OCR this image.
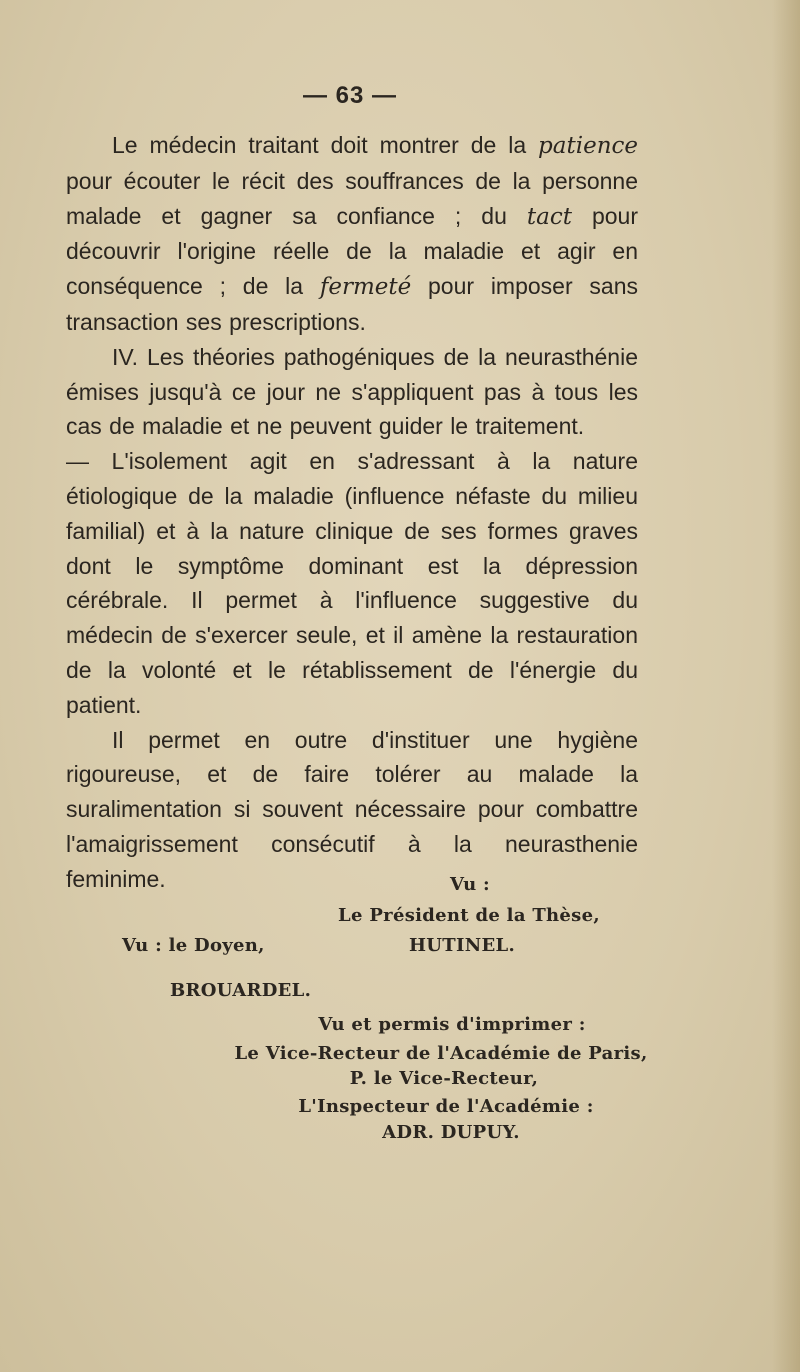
— 63 —

Le médecin traitant doit montrer de la patience pour écouter le récit des souffrances de la personne malade et gagner sa confiance ; du tact pour découvrir l'origine réelle de la maladie et agir en conséquence ; de la fermeté pour imposer sans transaction ses prescriptions.

IV. Les théories pathogéniques de la neurasthénie émises jusqu'à ce jour ne s'appliquent pas à tous les cas de maladie et ne peuvent guider le traitement.

— L'isolement agit en s'adressant à la nature étiologique de la maladie (influence néfaste du milieu familial) et à la nature clinique de ses formes graves dont le symptôme dominant est la dépression cérébrale. Il permet à l'influence suggestive du médecin de s'exercer seule, et il amène la restauration de la volonté et le rétablissement de l'énergie du patient.

Il permet en outre d'instituer une hygiène rigoureuse, et de faire tolérer au malade la suralimentation si souvent nécessaire pour combattre l'amaigrissement consécutif à la neurasthenie feminime.	Vu :
Le Président de la Thèse,
Vu : le Doyen,	HUTINEL.
BROUARDEL.
Vu et permis d'imprimer :
Le Vice-Recteur de l'Académie de Paris,
P. le Vice-Recteur,
L'Inspecteur de l'Académie :
ADR. DUPUY.
